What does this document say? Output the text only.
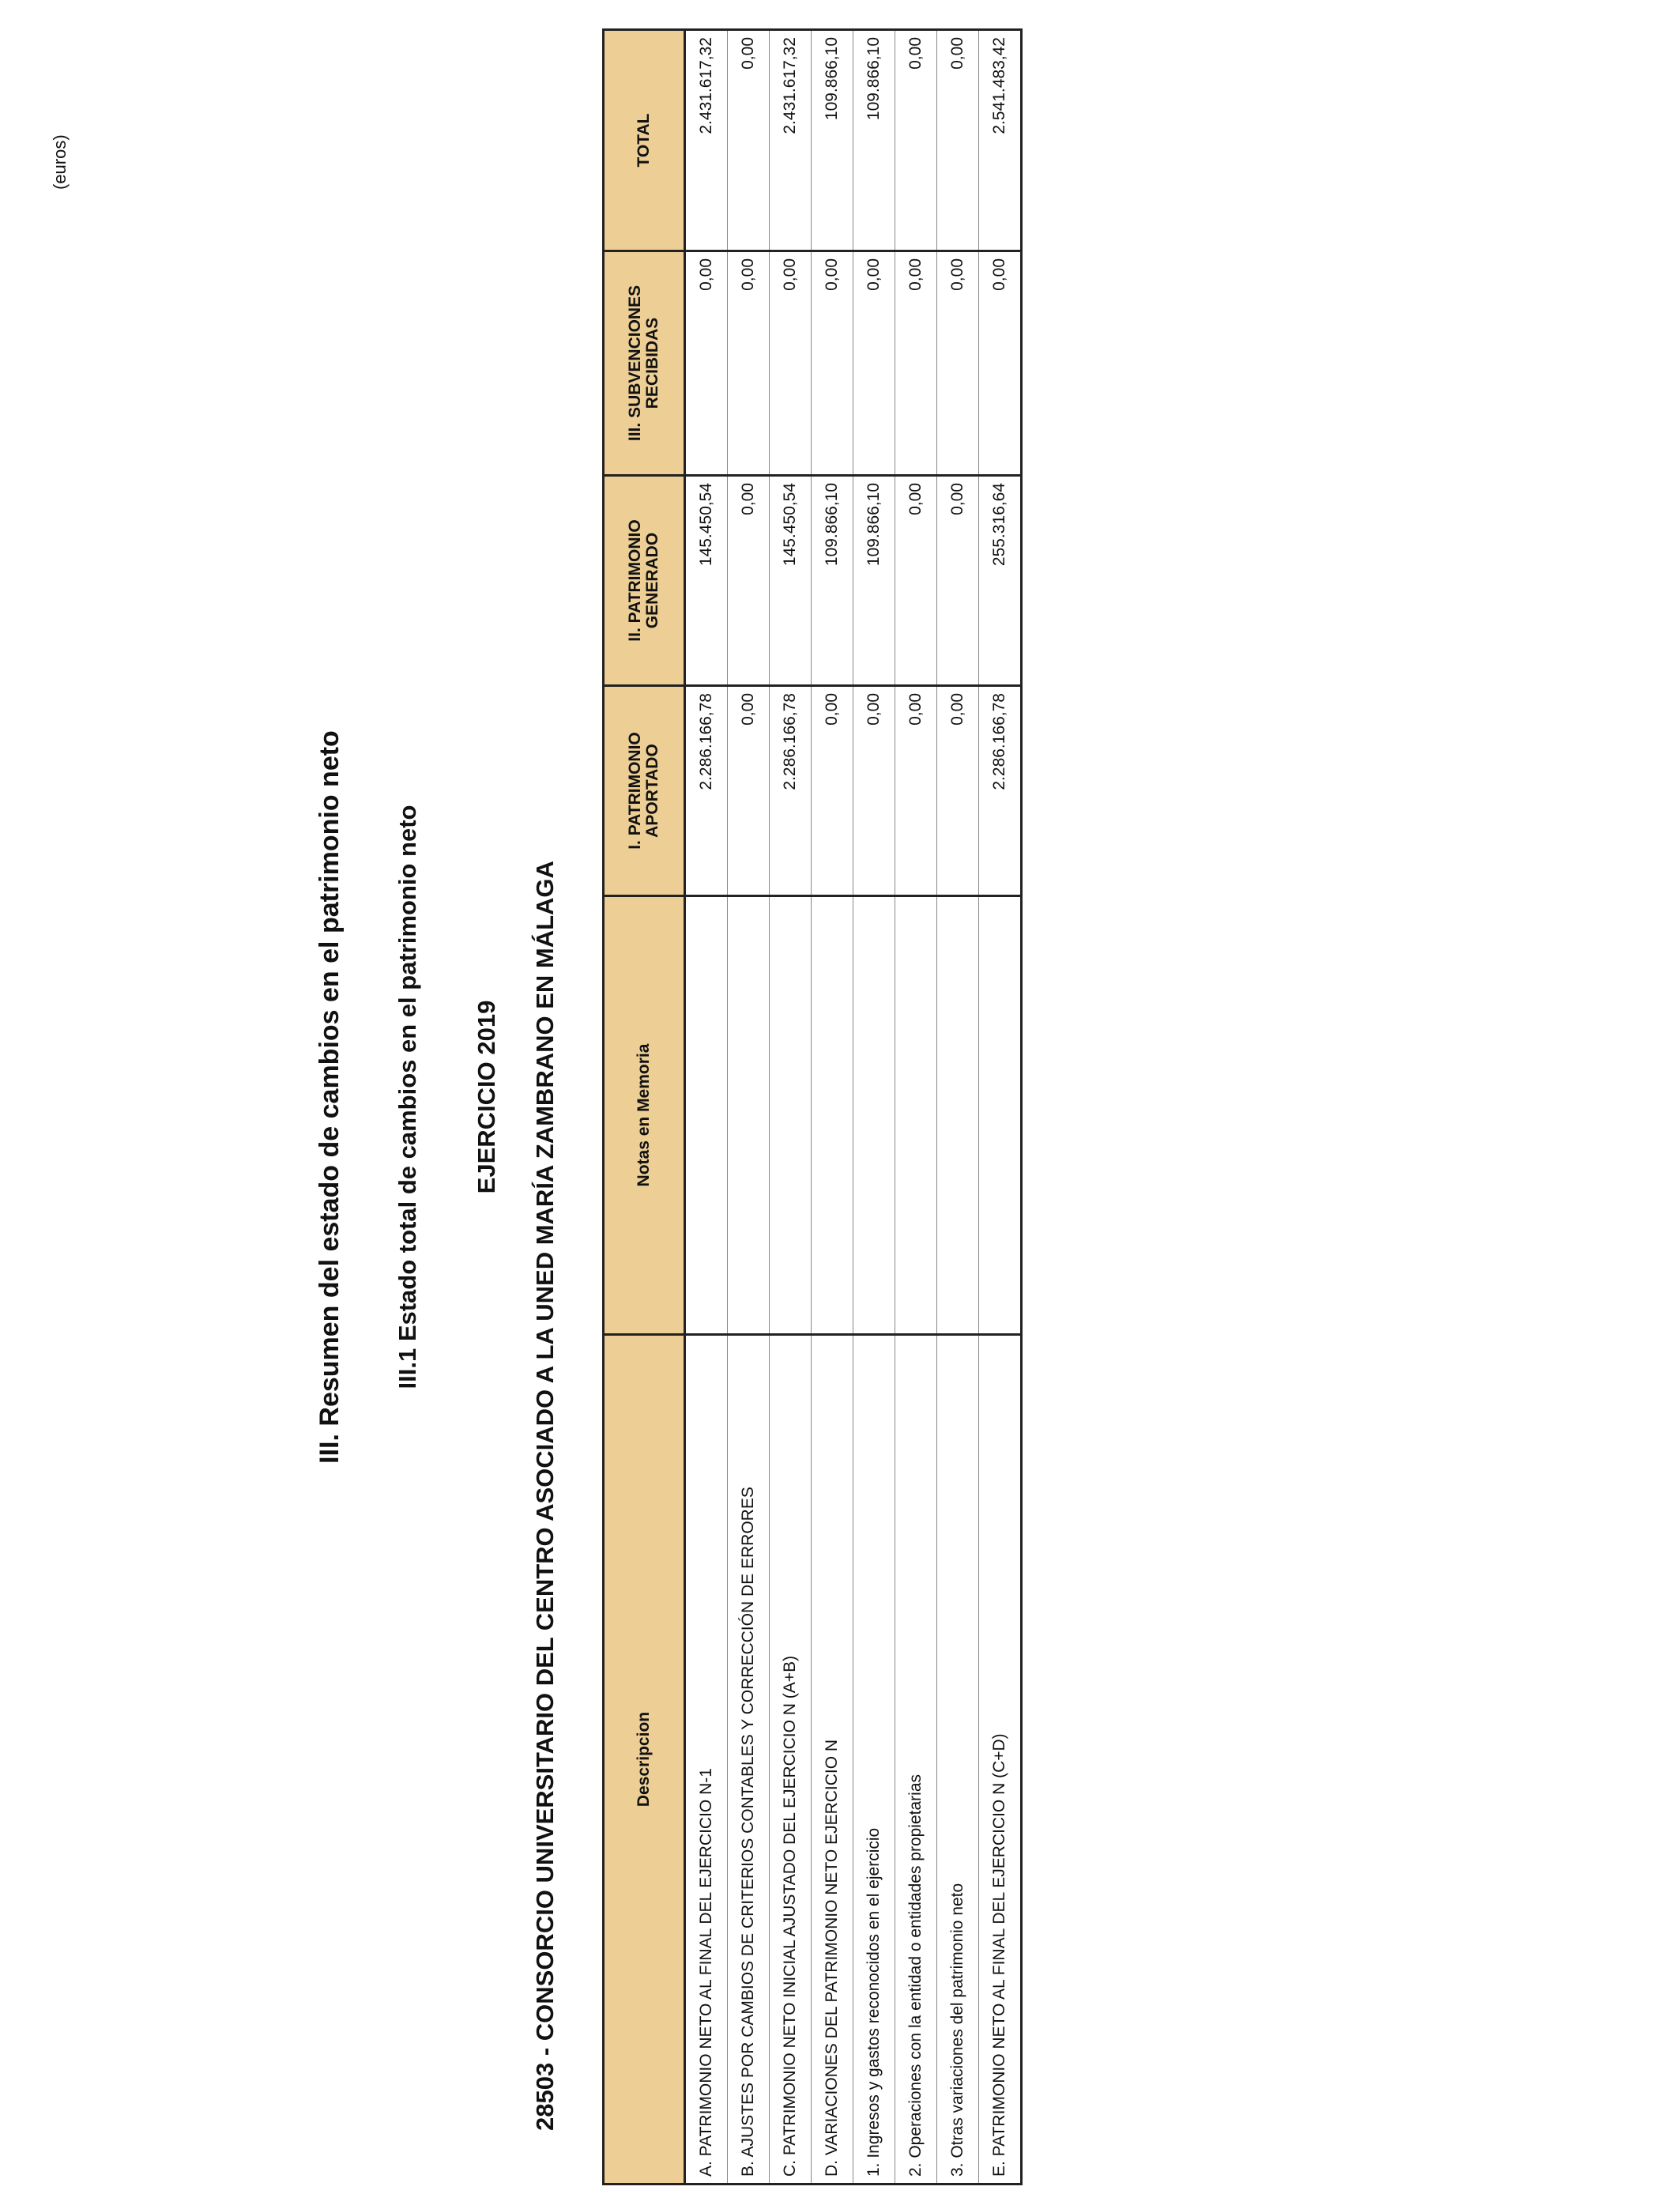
III. Resumen del estado de cambios en el patrimonio neto III.1 Estado total de cambios en el patrimonio neto EJERCICIO 2019 28503 - CONSORCIO UNIVERSITARIO DEL CENTRO ASOCIADO A LA UNED MARÍA ZAMBRANO EN MÁLAGA
(euros)
Descripcion	Notas en Memoria	I. PATRIMONIO APORTADO	II. PATRIMONIO GENERADO	III. SUBVENCIONES RECIBIDAS	TOTAL
A. PATRIMONIO NETO AL FINAL DEL EJERCICIO N-1		2.286.166,78	145.450,54	0,00	2.431.617,32
B. AJUSTES POR CAMBIOS DE CRITERIOS CONTABLES Y CORRECCIÓN DE ERRORES		0,00	0,00	0,00	0,00
C. PATRIMONIO NETO INICIAL AJUSTADO DEL EJERCICIO N (A+B)		2.286.166,78	145.450,54	0,00	2.431.617,32
D. VARIACIONES DEL PATRIMONIO NETO EJERCICIO N		0,00	109.866,10	0,00	109.866,10
1. Ingresos y gastos reconocidos en el ejercicio		0,00	109.866,10	0,00	109.866,10
2. Operaciones con la entidad o entidades propietarias		0,00	0,00	0,00	0,00
3. Otras variaciones del patrimonio neto		0,00	0,00	0,00	0,00
E. PATRIMONIO NETO AL FINAL DEL EJERCICIO N (C+D)		2.286.166,78	255.316,64	0,00	2.541.483,42
